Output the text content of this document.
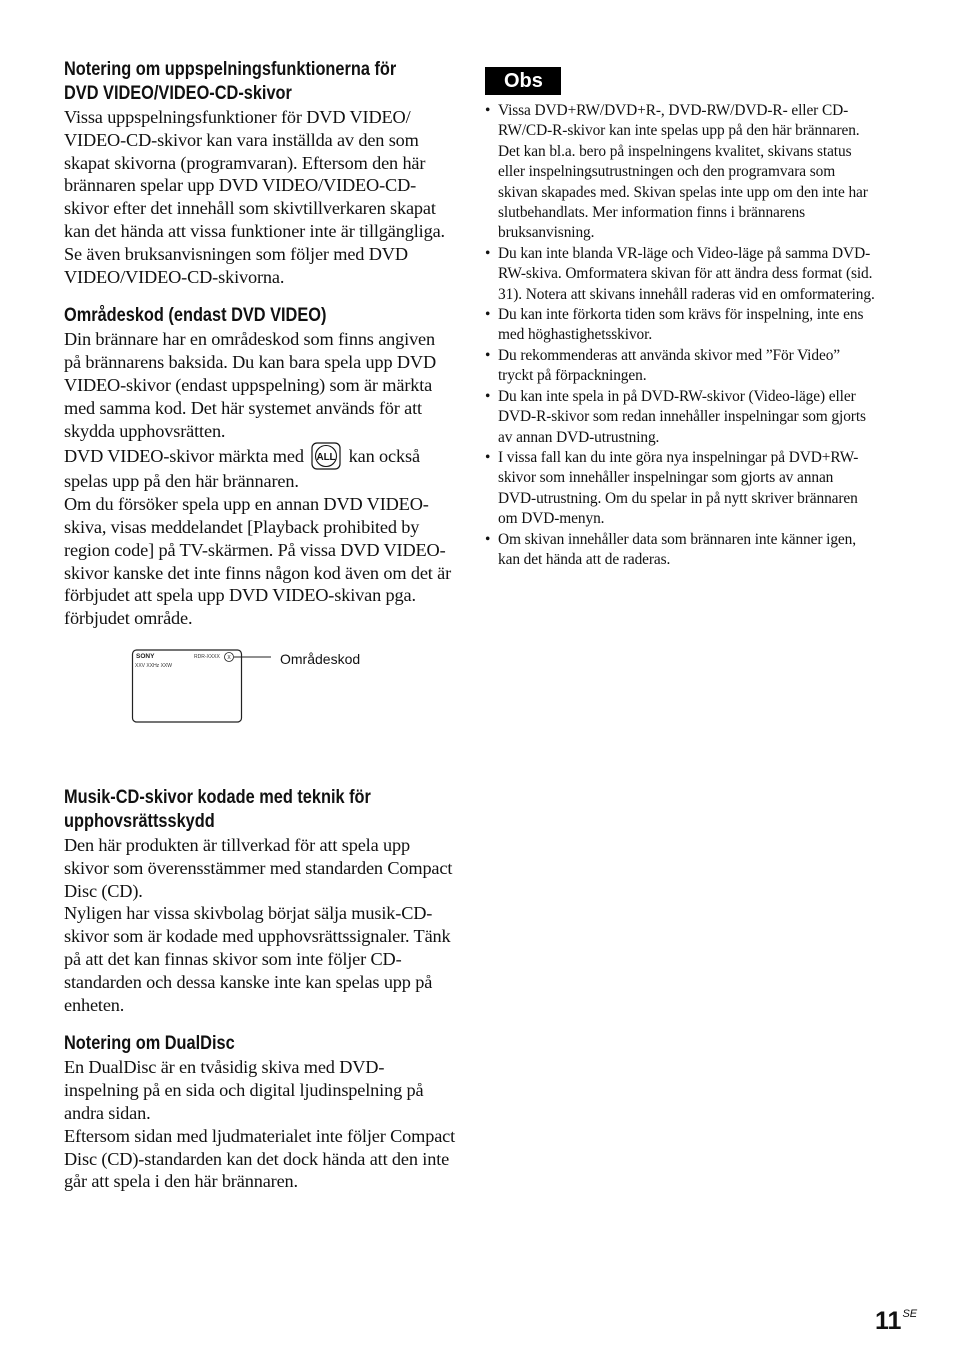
Notering om uppspelningsfunktionerna för
DVD VIDEO/VIDEO-CD-skivor

Vissa uppspelningsfunktioner för DVD VIDEO/ VIDEO-CD-skivor kan vara inställda av den som skapat skivorna (programvaran). Eftersom den här brännaren spelar upp DVD VIDEO/VIDEO-CD-skivor efter det innehåll som skivtillverkaren skapat kan det hända att vissa funktioner inte är tillgängliga. Se även bruksanvisningen som följer med DVD VIDEO/VIDEO-CD-skivorna.

Områdeskod (endast DVD VIDEO)

Din brännare har en områdeskod som finns angiven på brännarens baksida. Du kan bara spela upp DVD VIDEO-skivor (endast uppspelning) som är märkta med samma kod. Det här systemet används för att skydda upphovsrätten.

DVD VIDEO-skivor märkta med ALL kan också spelas upp på den här brännaren.

Om du försöker spela upp en annan DVD VIDEO-skiva, visas meddelandet [Playback prohibited by region code] på TV-skärmen. På vissa DVD VIDEO-skivor kanske det inte finns någon kod även om det är förbjudet att spela upp DVD VIDEO-skivan pga. förbjudet område.

SONY	RDR-XXXX X
XXV XXHz XXW	Områdeskod
Musik-CD-skivor kodade med teknik för
upphovsrättsskydd

Den här produkten är tillverkad för att spela upp skivor som överensstämmer med standarden Compact Disc (CD).

Nyligen har vissa skivbolag börjat sälja musik-CD-skivor som är kodade med upphovsrättssignaler. Tänk på att det kan finnas skivor som inte följer CD-standarden och dessa kanske inte kan spelas upp på enheten.

Notering om DualDisc

En DualDisc är en tvåsidig skiva med DVD-inspelning på en sida och digital ljudinspelning på andra sidan.

Eftersom sidan med ljudmaterialet inte följer Compact Disc (CD)-standarden kan det dock hända att den inte går att spela i den här brännaren.

Obs
• Vissa DVD+RW/DVD+R-, DVD-RW/DVD-R- eller CD-RW/CD-R-skivor kan inte spelas upp på den här brännaren. Det kan bl.a. bero på inspelningens kvalitet, skivans status eller inspelningsutrustningen och den programvara som skivan skapades med. Skivan spelas inte upp om den inte har slutbehandlats. Mer information finns i brännarens bruksanvisning.
• Du kan inte blanda VR-läge och Video-läge på samma DVD-RW-skiva. Omformatera skivan för att ändra dess format (sid. 31). Notera att skivans innehåll raderas vid en omformatering.
• Du kan inte förkorta tiden som krävs för inspelning, inte ens med höghastighetsskivor.
• Du rekommenderas att använda skivor med ”För Video” tryckt på förpackningen.
• Du kan inte spela in på DVD-RW-skivor (Video-läge) eller DVD-R-skivor som redan innehåller inspelningar som gjorts av annan DVD-utrustning.
• I vissa fall kan du inte göra nya inspelningar på DVD+RW-skivor som innehåller inspelningar som gjorts av annan DVD-utrustning. Om du spelar in på nytt skriver brännaren om DVD-menyn.
• Om skivan innehåller data som brännaren inte känner igen, kan det hända att de raderas.
$11^{SE}$
